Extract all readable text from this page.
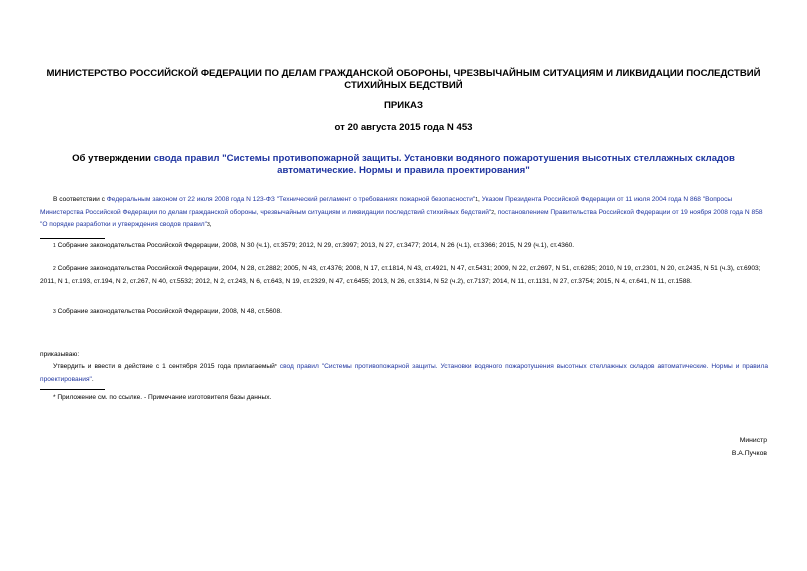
МИНИСТЕРСТВО РОССИЙСКОЙ ФЕДЕРАЦИИ ПО ДЕЛАМ ГРАЖДАНСКОЙ ОБОРОНЫ, ЧРЕЗВЫЧАЙНЫМ СИТУАЦИЯМ И ЛИКВИДАЦИИ ПОСЛЕДСТВИЙ СТИХИЙНЫХ БЕДСТВИЙ
ПРИКАЗ
от 20 августа 2015 года N 453
Об утверждении свода правил "Системы противопожарной защиты. Установки водяного пожаротушения высотных стеллажных складов автоматические. Нормы и правила проектирования"
В соответствии с Федеральным законом от 22 июля 2008 года N 123-ФЗ "Технический регламент о требованиях пожарной безопасности"$^1$, Указом Президента Российской Федерации от 11 июля 2004 года N 868 "Вопросы Министерства Российской Федерации по делам гражданской обороны, чрезвычайным ситуациям и ликвидации последствий стихийных бедствий"$^2$, постановлением Правительства Российской Федерации от 19 ноября 2008 года N 858 "О порядке разработки и утверждения сводов правил"$^3$,
$^1$ Собрание законодательства Российской Федерации, 2008, N 30 (ч.1), ст.3579; 2012, N 29, ст.3997; 2013, N 27, ст.3477; 2014, N 26 (ч.1), ст.3366; 2015, N 29 (ч.1), ст.4360.
$^2$ Собрание законодательства Российской Федерации, 2004, N 28, ст.2882; 2005, N 43, ст.4376; 2008, N 17, ст.1814, N 43, ст.4921, N 47, ст.5431; 2009, N 22, ст.2697, N 51, ст.6285; 2010, N 19, ст.2301, N 20, ст.2435, N 51 (ч.3), ст.6903; 2011, N 1, ст.193, ст.194, N 2, ст.267, N 40, ст.5532; 2012, N 2, ст.243, N 6, ст.643, N 19, ст.2329, N 47, ст.6455; 2013, N 26, ст.3314, N 52 (ч.2), ст.7137; 2014, N 11, ст.1131, N 27, ст.3754; 2015, N 4, ст.641, N 11, ст.1588.
$^3$ Собрание законодательства Российской Федерации, 2008, N 48, ст.5608.
приказываю:
Утвердить и ввести в действие с 1 сентября 2015 года прилагаемый* свод правил "Системы противопожарной защиты. Установки водяного пожаротушения высотных стеллажных складов автоматические. Нормы и правила проектирования".
* Приложение см. по ссылке. - Примечание изготовителя базы данных.
Министр
В.А.Пучков
